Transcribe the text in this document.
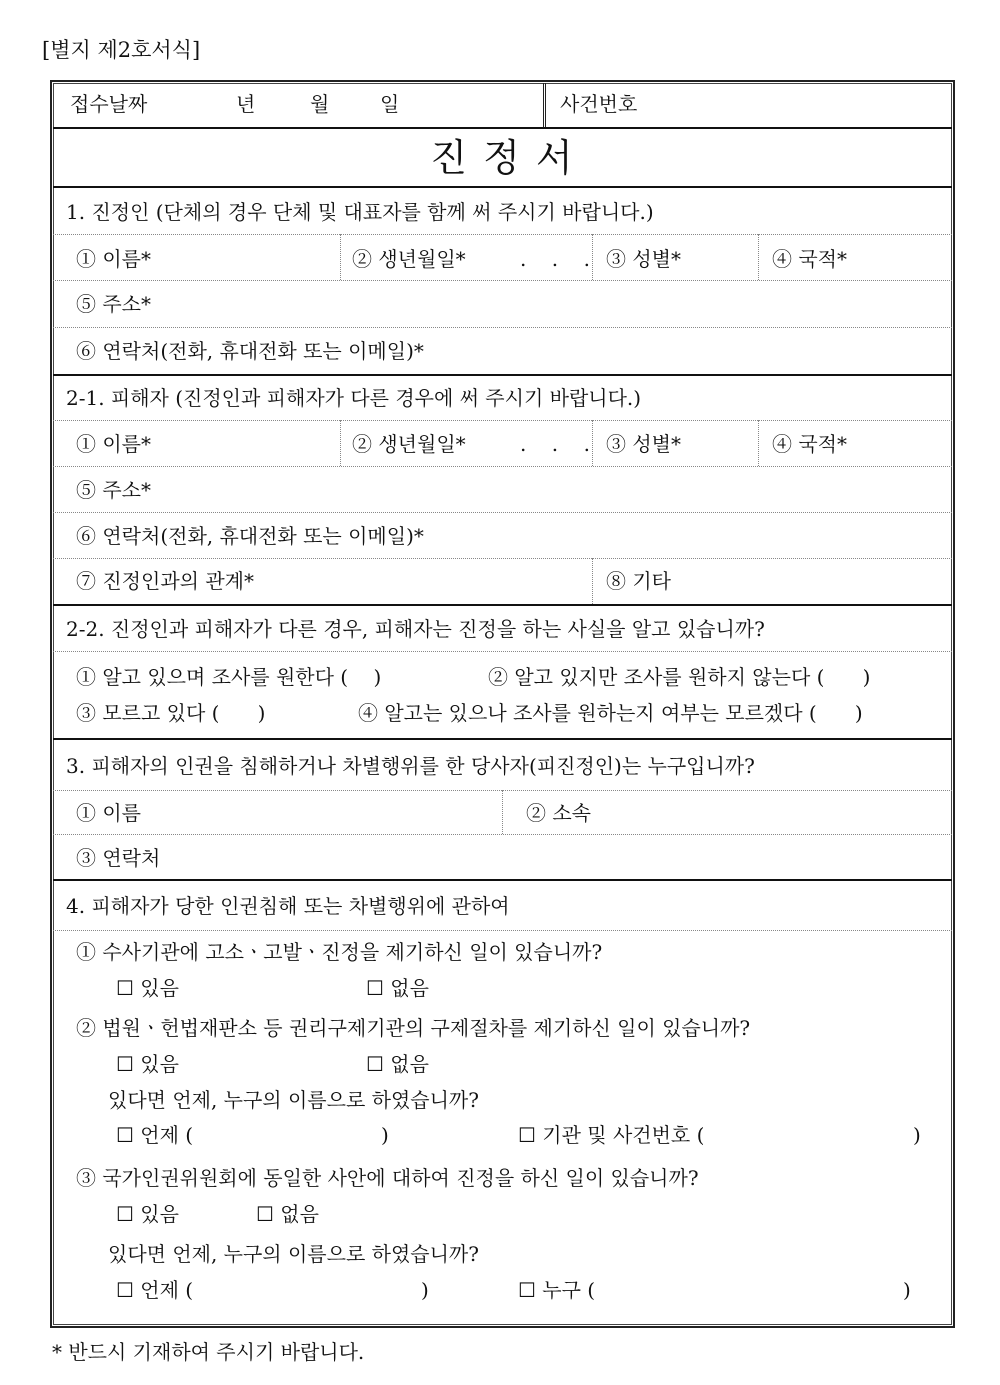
[별지 제2호서식]
접수날짜	년	월	일	사건번호
진 정 서
1. 진정인 (단체의 경우 단체 및 대표자를 함께 써 주시기 바랍니다.)
① 이름*	② 생년월일*	.    .    . ③ 성별*	④ 국적*
⑤ 주소*
⑥ 연락처(전화, 휴대전화 또는 이메일)*
2-1. 피해자 (진정인과 피해자가 다른 경우에 써 주시기 바랍니다.)
① 이름*	② 생년월일*	.    .    . ③ 성별*	④ 국적*
⑤ 주소*
⑥ 연락처(전화, 휴대전화 또는 이메일)*
⑦ 진정인과의 관계*	⑧ 기타
2-2. 진정인과 피해자가 다른 경우, 피해자는 진정을 하는 사실을 알고 있습니까?
① 알고 있으며 조사를 원한다 (    )	② 알고 있지만 조사를 원하지 않는다 (      )
③ 모르고 있다 (      )	④ 알고는 있으나 조사를 원하는지 여부는 모르겠다 (      )
3. 피해자의 인권을 침해하거나 차별행위를 한 당사자(피진정인)는 누구입니까?
① 이름	② 소속
③ 연락처
4. 피해자가 당한 인권침해 또는 차별행위에 관하여
① 수사기관에 고소ㆍ고발ㆍ진정을 제기하신 일이 있습니까?
☐ 있음	☐ 없음
② 법원ㆍ헌법재판소 등 권리구제기관의 구제절차를 제기하신 일이 있습니까?
☐ 있음	☐ 없음
있다면 언제, 누구의 이름으로 하였습니까?
☐ 언제 (	)	☐ 기관 및 사건번호 (	)
③ 국가인권위원회에 동일한 사안에 대하여 진정을 하신 일이 있습니까?
☐ 있음	☐ 없음
있다면 언제, 누구의 이름으로 하였습니까?
☐ 언제 (	)	☐ 누구 (	)
* 반드시 기재하여 주시기 바랍니다.
